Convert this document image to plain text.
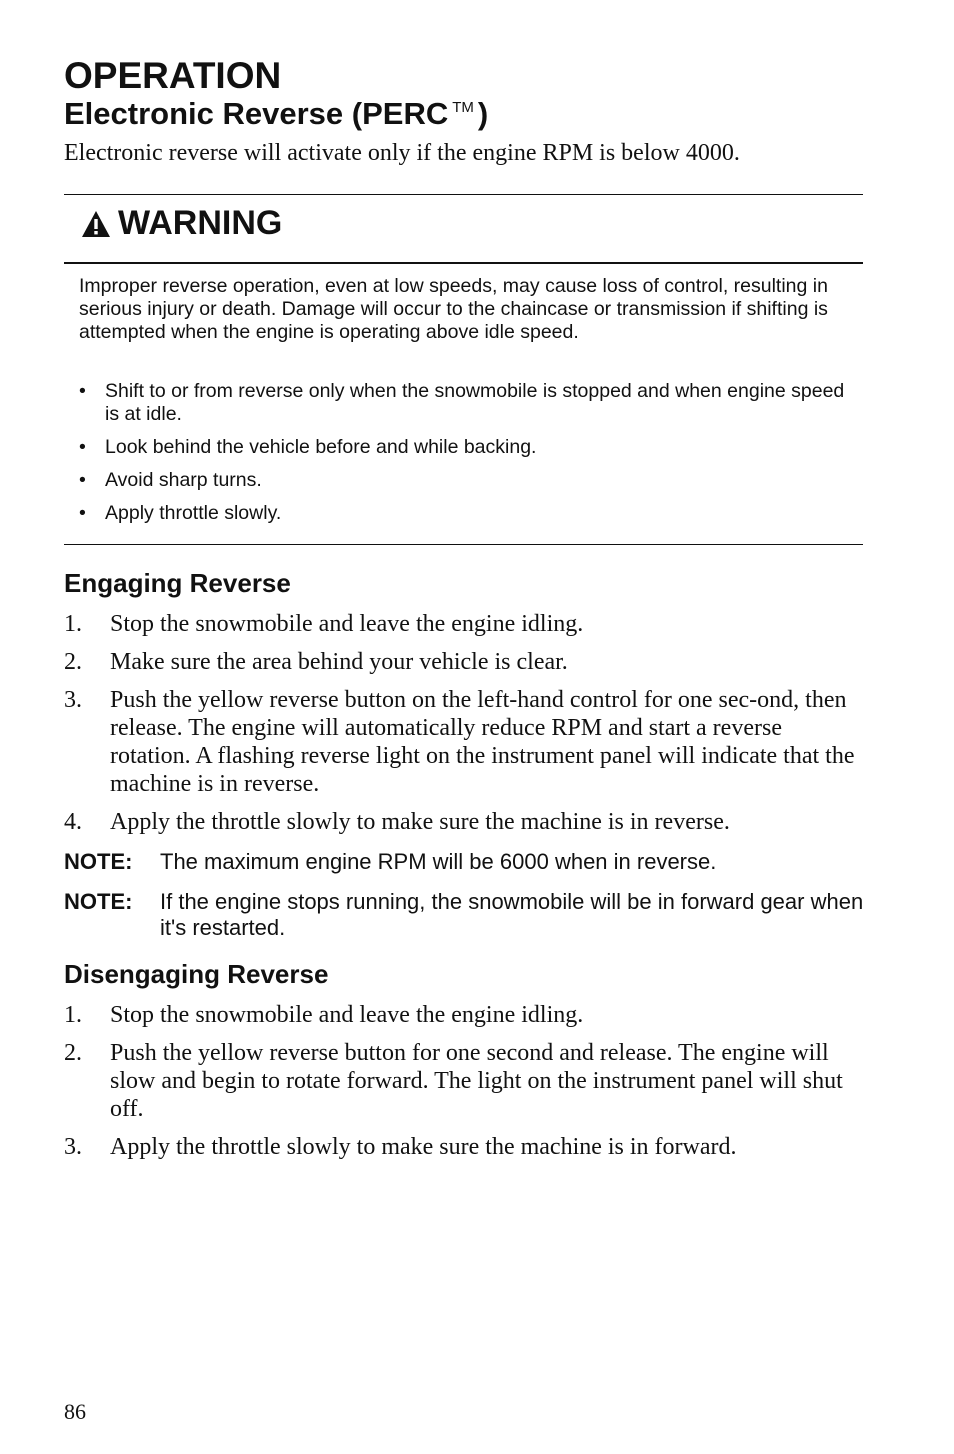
OPERATION
Electronic Reverse (PERC ™ )

Electronic reverse will activate only if the engine RPM is below 4000.

WARNING

Improper reverse operation, even at low speeds, may cause loss of control, resulting in serious injury or death. Damage will occur to the chaincase or transmission if shifting is attempted when the engine is operating above idle speed.

• Shift to or from reverse only when the snowmobile is stopped and when engine speed is at idle.
• Look behind the vehicle before and while backing.
• Avoid sharp turns.
• Apply throttle slowly.
Engaging Reverse
1. Stop the snowmobile and leave the engine idling.
2. Make sure the area behind your vehicle is clear.
3. Push the yellow reverse button on the left-hand control for one sec-ond, then release. The engine will automatically reduce RPM and start a reverse rotation. A flashing reverse light on the instrument panel will indicate that the machine is in reverse.
4. Apply the throttle slowly to make sure the machine is in reverse.

NOTE:	The maximum engine RPM will be 6000 when in reverse.

NOTE:	If the engine stops running, the snowmobile will be in forward gear when it's restarted.

Disengaging Reverse
1. Stop the snowmobile and leave the engine idling.
2. Push the yellow reverse button for one second and release. The engine will slow and begin to rotate forward. The light on the instrument panel will shut off.
3. Apply the throttle slowly to make sure the machine is in forward.

86
